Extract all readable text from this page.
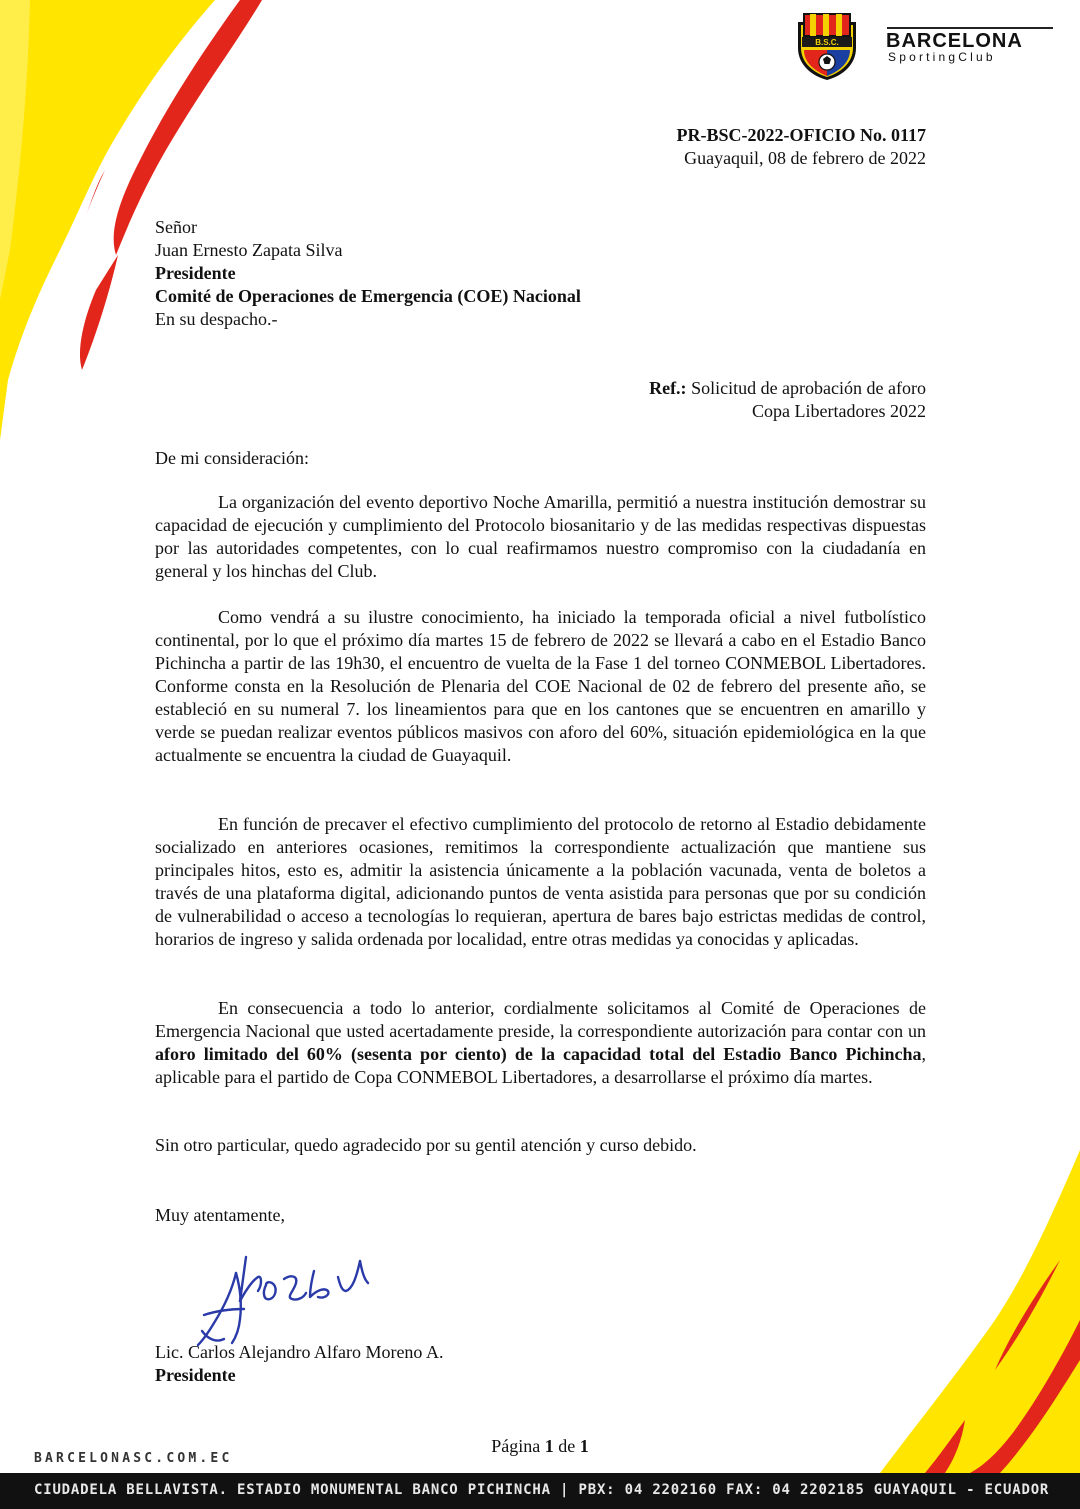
B.S.C. BARCELONA
SportingClub
PR-BSC-2022-OFICIO No. 0117
Guayaquil, 08 de febrero de 2022
Señor
Juan Ernesto Zapata Silva
Presidente
Comité de Operaciones de Emergencia (COE) Nacional
En su despacho.-
Ref.: Solicitud de aprobación de aforo
Copa Libertadores 2022
De mi consideración:
La organización del evento deportivo Noche Amarilla, permitió a nuestra institución demostrar su capacidad de ejecución y cumplimiento del Protocolo biosanitario y de las medidas respectivas dispuestas por las autoridades competentes, con lo cual reafirmamos nuestro compromiso con la ciudadanía en general y los hinchas del Club.
Como vendrá a su ilustre conocimiento, ha iniciado la temporada oficial a nivel futbolístico continental, por lo que el próximo día martes 15 de febrero de 2022 se llevará a cabo en el Estadio Banco Pichincha a partir de las 19h30, el encuentro de vuelta de la Fase 1 del torneo CONMEBOL Libertadores. Conforme consta en la Resolución de Plenaria del COE Nacional de 02 de febrero del presente año, se estableció en su numeral 7. los lineamientos para que en los cantones que se encuentren en amarillo y verde se puedan realizar eventos públicos masivos con aforo del 60%, situación epidemiológica en la que actualmente se encuentra la ciudad de Guayaquil.
En función de precaver el efectivo cumplimiento del protocolo de retorno al Estadio debidamente socializado en anteriores ocasiones, remitimos la correspondiente actualización que mantiene sus principales hitos, esto es, admitir la asistencia únicamente a la población vacunada, venta de boletos a través de una plataforma digital, adicionando puntos de venta asistida para personas que por su condición de vulnerabilidad o acceso a tecnologías lo requieran, apertura de bares bajo estrictas medidas de control, horarios de ingreso y salida ordenada por localidad, entre otras medidas ya conocidas y aplicadas.
En consecuencia a todo lo anterior, cordialmente solicitamos al Comité de Operaciones de Emergencia Nacional que usted acertadamente preside, la correspondiente autorización para contar con un aforo limitado del 60% (sesenta por ciento) de la capacidad total del Estadio Banco Pichincha, aplicable para el partido de Copa CONMEBOL Libertadores, a desarrollarse el próximo día martes.
Sin otro particular, quedo agradecido por su gentil atención y curso debido.
Muy atentamente,
Lic. Carlos Alejandro Alfaro Moreno A.
Presidente
Página 1 de 1
BARCELONASC.COM.EC
CIUDADELA BELLAVISTA. ESTADIO MONUMENTAL BANCO PICHINCHA | PBX: 04 2202160 FAX: 04 2202185 GUAYAQUIL - ECUADOR
